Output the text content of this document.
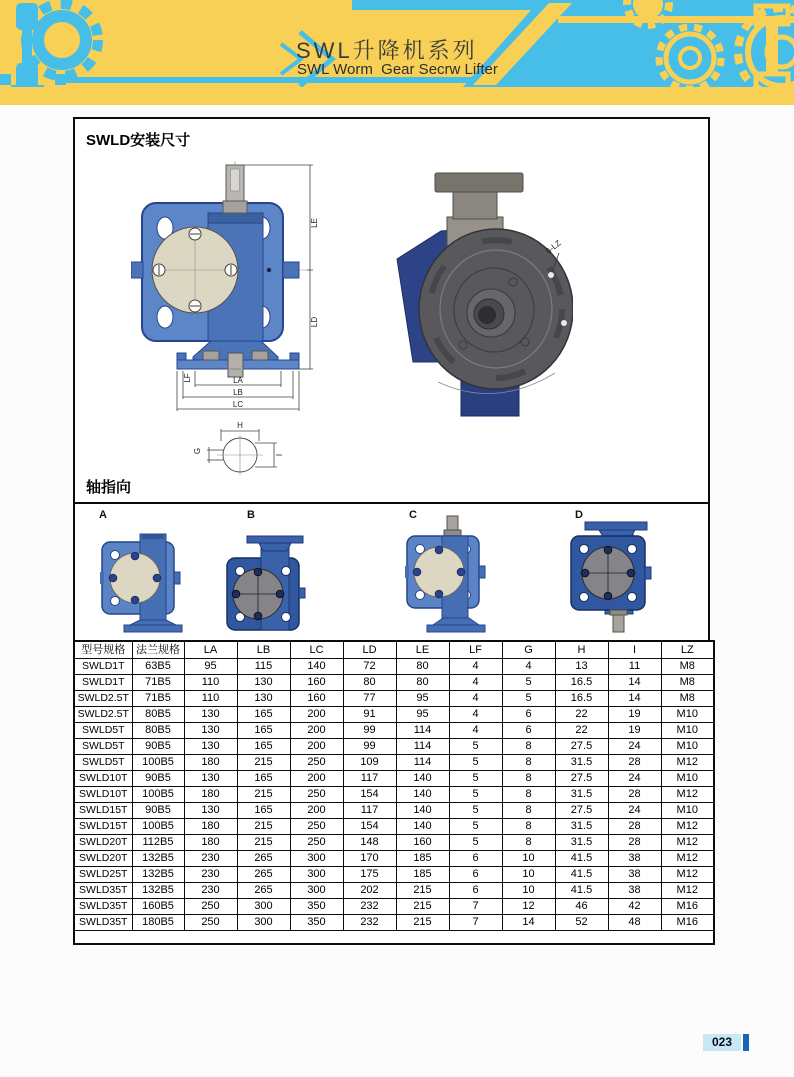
SWL升降机系列
SWL Worm  Gear Secrw Lifter
SWLD安装尺寸
LE
LD
LA
LB
LC
LF
6-LZ
H
G
I
轴指向
A	B	C	D
型号规格	法兰规格	LA	LB	LC	LD	LE	LF	G	H	I	LZ
SWLD1T	63B5	95	115	140	72	80	4	4	13	11	M8
SWLD1T	71B5	110	130	160	80	80	4	5	16.5	14	M8
SWLD2.5T	71B5	110	130	160	77	95	4	5	16.5	14	M8
SWLD2.5T	80B5	130	165	200	91	95	4	6	22	19	M10
SWLD5T	80B5	130	165	200	99	114	4	6	22	19	M10
SWLD5T	90B5	130	165	200	99	114	5	8	27.5	24	M10
SWLD5T	100B5	180	215	250	109	114	5	8	31.5	28	M12
SWLD10T	90B5	130	165	200	117	140	5	8	27.5	24	M10
SWLD10T	100B5	180	215	250	154	140	5	8	31.5	28	M12
SWLD15T	90B5	130	165	200	117	140	5	8	27.5	24	M10
SWLD15T	100B5	180	215	250	154	140	5	8	31.5	28	M12
SWLD20T	112B5	180	215	250	148	160	5	8	31.5	28	M12
SWLD20T	132B5	230	265	300	170	185	6	10	41.5	38	M12
SWLD25T	132B5	230	265	300	175	185	6	10	41.5	38	M12
SWLD35T	132B5	230	265	300	202	215	6	10	41.5	38	M12
SWLD35T	160B5	250	300	350	232	215	7	12	46	42	M16
SWLD35T	180B5	250	300	350	232	215	7	14	52	48	M16

023
